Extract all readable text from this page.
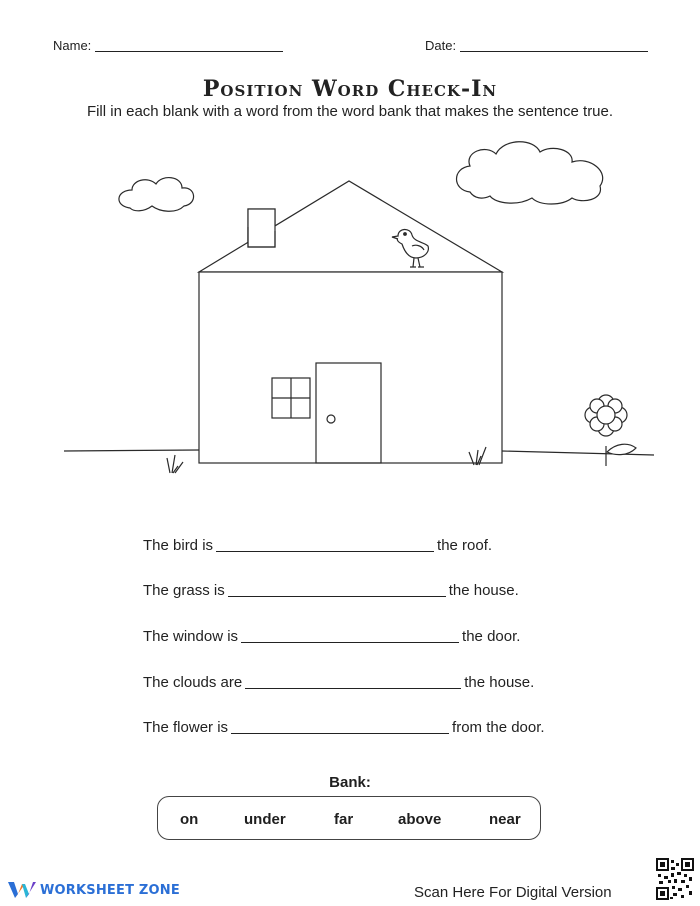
Name:	Date:
Position Word Check-In
Fill in each blank with a word from the word bank that makes the sentence true.
The bird is	the roof.
The grass is	the house.
The window is	the door.
The clouds are	the house.
The flower is	from the door.
Bank:
on	under	far	above	near
WORKSHEET ZONE	Scan Here For Digital Version
